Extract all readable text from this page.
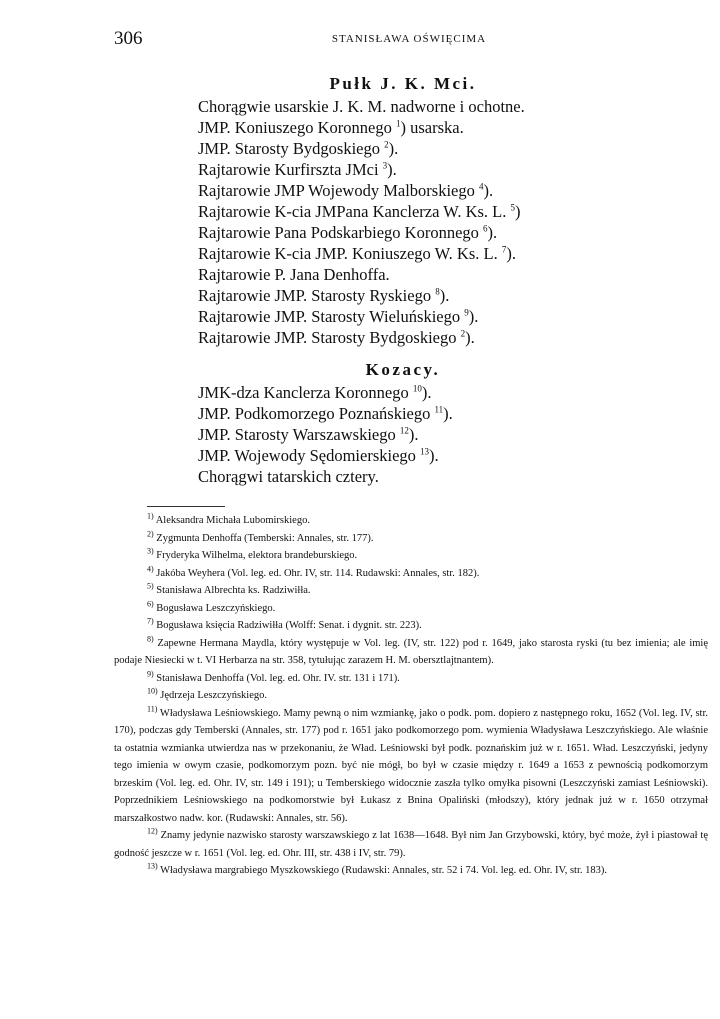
306	STANISŁAWA OŚWIĘCIMA
Pułk J. K. Mci.
Chorągwie usarskie J. K. M. nadworne i ochotne.
JMP. Koniuszego Koronnego $^1$) usarska.
JMP. Starosty Bydgoskiego $^2$).
Rajtarowie Kurfirszta JMci $^3$).
Rajtarowie JMP Wojewody Malborskiego $^4$).
Rajtarowie K-cia JMPana Kanclerza W. Ks. L. $^5$)
Rajtarowie Pana Podskarbiego Koronnego $^6$).
Rajtarowie K-cia JMP. Koniuszego W. Ks. L. $^7$).
Rajtarowie P. Jana Denhoffa.
Rajtarowie JMP. Starosty Ryskiego $^8$).
Rajtarowie JMP. Starosty Wieluńskiego $^9$).
Rajtarowie JMP. Starosty Bydgoskiego $^2$).
Kozacy.
JMK-dza Kanclerza Koronnego $^{10}$).
JMP. Podkomorzego Poznańskiego $^{11}$).
JMP. Starosty Warszawskiego $^{12}$).
JMP. Wojewody Sędomierskiego $^{13}$).
Chorągwi tatarskich cztery.

$^{1)}$ Aleksandra Michała Lubomirskiego.

$^{2)}$ Zygmunta Denhoffa (Temberski: Annales, str. 177).

$^{3)}$ Fryderyka Wilhelma, elektora brandeburskiego.

$^{4)}$ Jakóba Weyhera (Vol. leg. ed. Ohr. IV, str. 114. Rudawski: Annales, str. 182).

$^{5)}$ Stanisława Albrechta ks. Radziwiłła.

$^{6)}$ Bogusława Leszczyńskiego.

$^{7)}$ Bogusława księcia Radziwiłła (Wolff: Senat. i dygnit. str. 223).

$^{8)}$ Zapewne Hermana Maydla, który występuje w Vol. leg. (IV, str. 122) pod r. 1649, jako starosta ryski (tu bez imienia; ale imię podaje Niesiecki w t. VI Herbarza na str. 358, tytułując zarazem H. M. obersztlajtnantem).

$^{9)}$ Stanisława Denhoffa (Vol. leg. ed. Ohr. IV. str. 131 i 171).

$^{10)}$ Jędrzeja Leszczyńskiego.

$^{11)}$ Władysława Leśniowskiego. Mamy pewną o nim wzmiankę, jako o podk. pom. dopiero z następnego roku, 1652 (Vol. leg. IV, str. 170), podczas gdy Temberski (Annales, str. 177) pod r. 1651 jako podkomorzego pom. wymienia Władysława Leszczyńskiego. Ale właśnie ta ostatnia wzmianka utwierdza nas w przekonaniu, że Wład. Leśniowski był podk. poznańskim już w r. 1651. Wład. Leszczyński, jedyny tego imienia w owym czasie, podkomorzym pozn. być nie mógł, bo był w czasie między r. 1649 a 1653 z pewnością podkomorzym brzeskim (Vol. leg. ed. Ohr. IV, str. 149 i 191); u Temberskiego widocznie zaszła tylko omyłka pisowni (Leszczyński zamiast Leśniowski). Poprzednikiem Leśniowskiego na podkomorstwie był Łukasz z Bnina Opaliński (młodszy), który jednak już w r. 1650 otrzymał marszałkostwo nadw. kor. (Rudawski: Annales, str. 56).

$^{12)}$ Znamy jedynie nazwisko starosty warszawskiego z lat 1638—1648. Był nim Jan Grzybowski, który, być może, żył i piastował tę godność jeszcze w r. 1651 (Vol. leg. ed. Ohr. III, str. 438 i IV, str. 79).

$^{13)}$ Władysława margrabiego Myszkowskiego (Rudawski: Annales, str. 52 i 74. Vol. leg. ed. Ohr. IV, str. 183).
